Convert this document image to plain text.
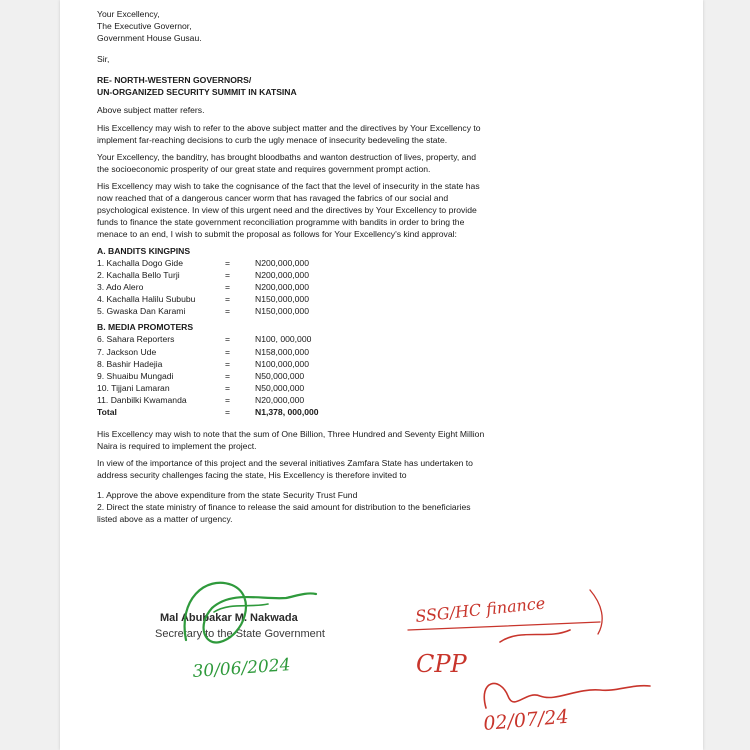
Your Excellency,
The Executive Governor,
Government House Gusau.
Sir,
RE- NORTH-WESTERN GOVERNORS/
UN-ORGANIZED SECURITY SUMMIT IN KATSINA
Above subject matter refers.
His Excellency may wish to refer to the above subject matter and the directives by Your Excellency to
implement far-reaching decisions to curb the ugly menace of insecurity bedeveling the state.
Your Excellency, the banditry, has brought bloodbaths and wanton destruction of lives, property, and
the socioeconomic prosperity of our great state and requires government prompt action.
His Excellency may wish to take the cognisance of the fact that the level of insecurity in the state has
now reached that of a dangerous cancer worm that has ravaged the fabrics of our social and
psychological existence. In view of this urgent need and the directives by Your Excellency to provide
funds to finance the state government reconciliation programme with bandits in order to bring the
menace to an end, I wish to submit the proposal as follows for Your Excellency's kind approval:
A. BANDITS KINGPINS
1. Kachalla Dogo Gide	=	N200,000,000
2. Kachalla Bello Turji	=	N200,000,000
3. Ado Alero	=	N200,000,000
4. Kachalla Halilu Sububu	=	N150,000,000
5. Gwaska Dan Karami	=	N150,000,000
B. MEDIA PROMOTERS
6. Sahara Reporters	=	N100, 000,000
7. Jackson Ude	=	N158,000,000
8. Bashir Hadejia	=	N100,000,000
9. Shuaibu Mungadi	=	N50,000,000
10. Tijjani Lamaran	=	N50,000,000
11. Danbilki Kwamanda	=	N20,000,000
Total	=	N1,378, 000,000
His Excellency may wish to note that the sum of One Billion, Three Hundred and Seventy Eight Million
Naira is required to implement the project.
In view of the importance of this project and the several initiatives Zamfara State has undertaken to
address security challenges facing the state, His Excellency is therefore invited to
1. Approve the above expenditure from the state Security Trust Fund
2. Direct the state ministry of finance to release the said amount for distribution to the beneficiaries
listed above as a matter of urgency.
Mal Abubakar M. Nakwada
Secretary to the State Government
30/06/2024
SSG/HC finance
CPP
02/07/24
